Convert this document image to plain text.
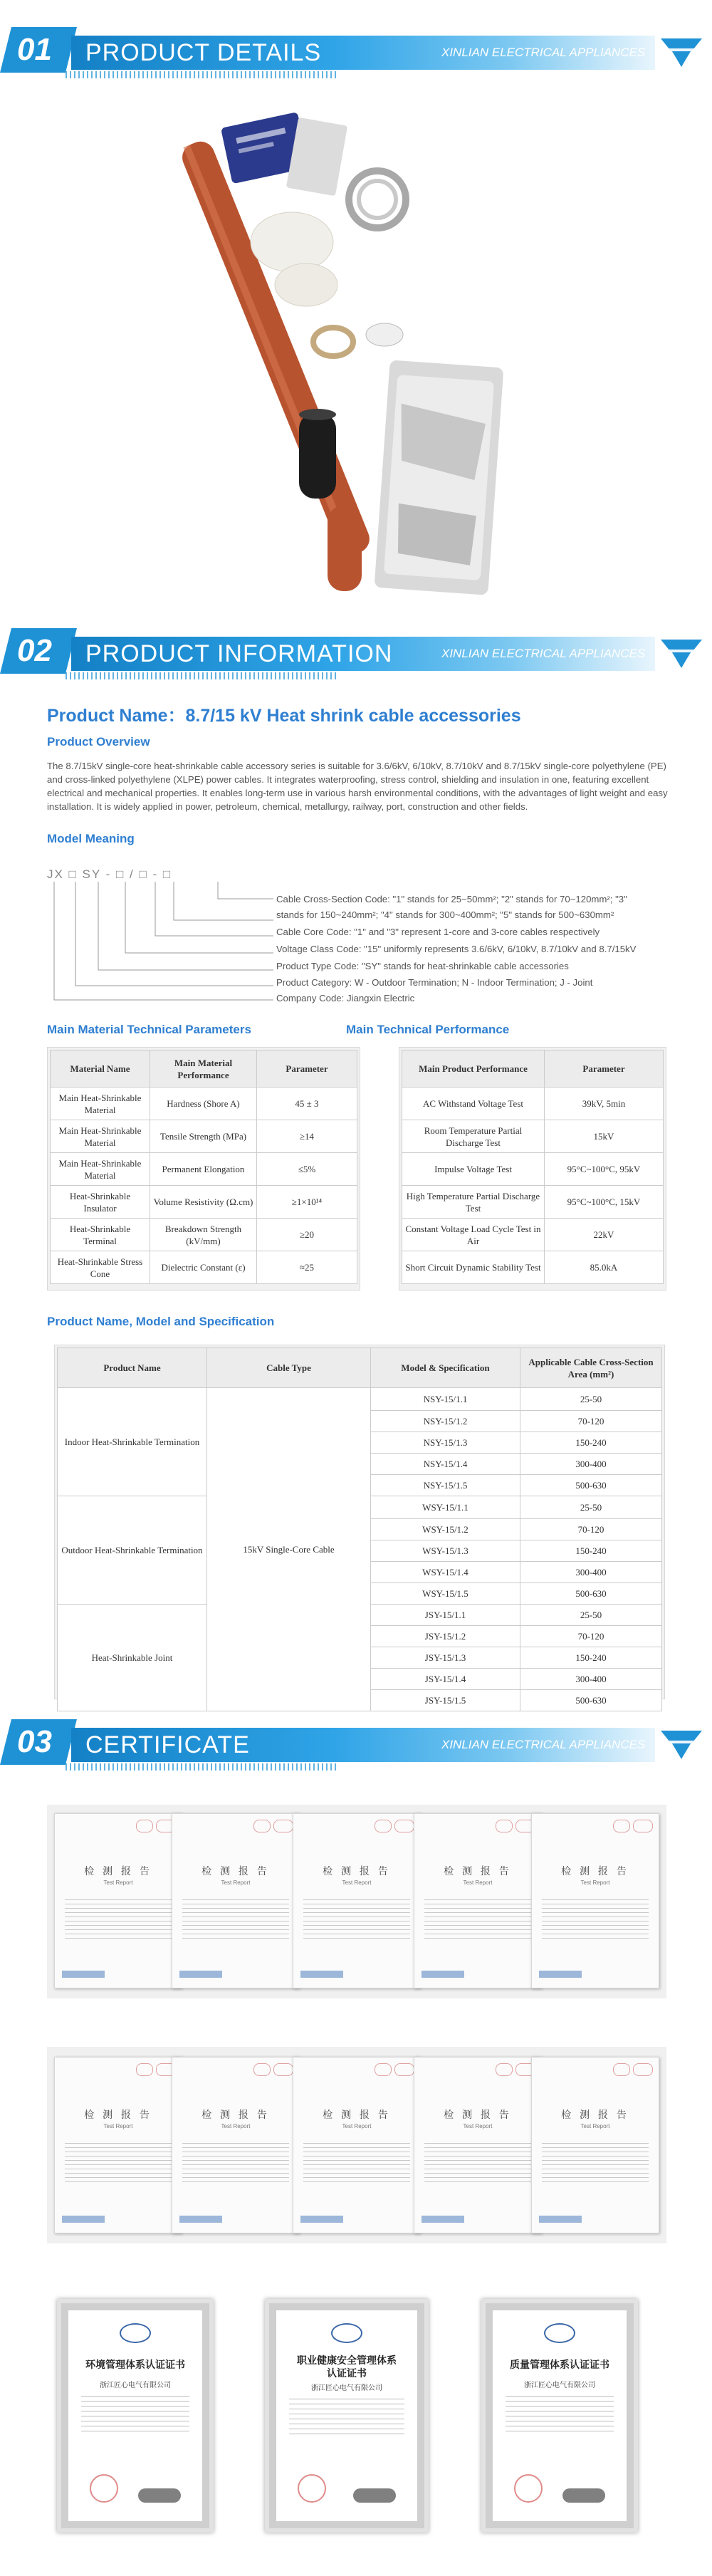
01	PRODUCT DETAILS	XINLIAN ELECTRICAL APPLIANCES
02	PRODUCT INFORMATION	XINLIAN ELECTRICAL APPLIANCES
Product Name：8.7/15 kV Heat shrink cable accessories
Product Overview
The 8.7/15kV single-core heat-shrinkable cable accessory series is suitable for 3.6/6kV, 6/10kV, 8.7/10kV and 8.7/15kV single-core polyethylene (PE) and cross-linked polyethylene (XLPE) power cables. It integrates waterproofing, stress control, shielding and insulation in one, featuring excellent electrical and mechanical properties. It enables long-term use in various harsh environmental conditions, with the advantages of light weight and easy installation. It is widely applied in power, petroleum, chemical, metallurgy, railway, port, construction and other fields.
Model Meaning
JX □ SY - □ / □ - □
Cable Cross-Section Code: "1" stands for 25~50mm²; "2" stands for 70~120mm²; "3"
stands for 150~240mm²; "4" stands for 300~400mm²; "5" stands for 500~630mm²
Cable Core Code: "1" and "3" represent 1-core and 3-core cables respectively
Voltage Class Code: "15" uniformly represents 3.6/6kV, 6/10kV, 8.7/10kV and 8.7/15kV
Product Type Code: "SY" stands for heat-shrinkable cable accessories
Product Category: W - Outdoor Termination; N - Indoor Termination; J - Joint
Company Code: Jiangxin Electric
Main Material Technical Parameters	Main Technical Performance
Material Name	Main Material Performance	Parameter
Main Heat-Shrinkable Material	Hardness (Shore A)	45 ± 3
Main Heat-Shrinkable Material	Tensile Strength (MPa)	≥14
Main Heat-Shrinkable Material	Permanent Elongation	≤5%
Heat-Shrinkable Insulator	Volume Resistivity (Ω.cm)	≥1×10¹⁴
Heat-Shrinkable Terminal	Breakdown Strength (kV/mm)	≥20
Heat-Shrinkable Stress Cone	Dielectric Constant (ε)	≈25
Main Product Performance	Parameter
AC Withstand Voltage Test	39kV, 5min
Room Temperature Partial Discharge Test	15kV
Impulse Voltage Test	95°C~100°C, 95kV
High Temperature Partial Discharge Test	95°C~100°C, 15kV
Constant Voltage Load Cycle Test in Air	22kV
Short Circuit Dynamic Stability Test	85.0kA
Product Name, Model and Specification
Product Name	Cable Type	Model & Specification	Applicable Cable Cross-Section Area (mm²)
Indoor Heat-Shrinkable Termination	15kV Single-Core Cable	NSY-15/1.1	25-50
		NSY-15/1.2	70-120
		NSY-15/1.3	150-240
		NSY-15/1.4	300-400
		NSY-15/1.5	500-630
Outdoor Heat-Shrinkable Termination		WSY-15/1.1	25-50
		WSY-15/1.2	70-120
		WSY-15/1.3	150-240
		WSY-15/1.4	300-400
		WSY-15/1.5	500-630
Heat-Shrinkable Joint		JSY-15/1.1	25-50
		JSY-15/1.2	70-120
		JSY-15/1.3	150-240
		JSY-15/1.4	300-400
		JSY-15/1.5	500-630
03	CERTIFICATE	XINLIAN ELECTRICAL APPLIANCES
检 测 报 告
Test Report
检 测 报 告
Test Report
检 测 报 告
Test Report
检 测 报 告
Test Report
检 测 报 告
Test Report
检 测 报 告
Test Report
检 测 报 告
Test Report
检 测 报 告
Test Report
检 测 报 告
Test Report
检 测 报 告
Test Report
环境管理体系认证证书
浙江匠心电气有限公司
职业健康安全管理体系
认证证书
浙江匠心电气有限公司
质量管理体系认证证书
浙江匠心电气有限公司
